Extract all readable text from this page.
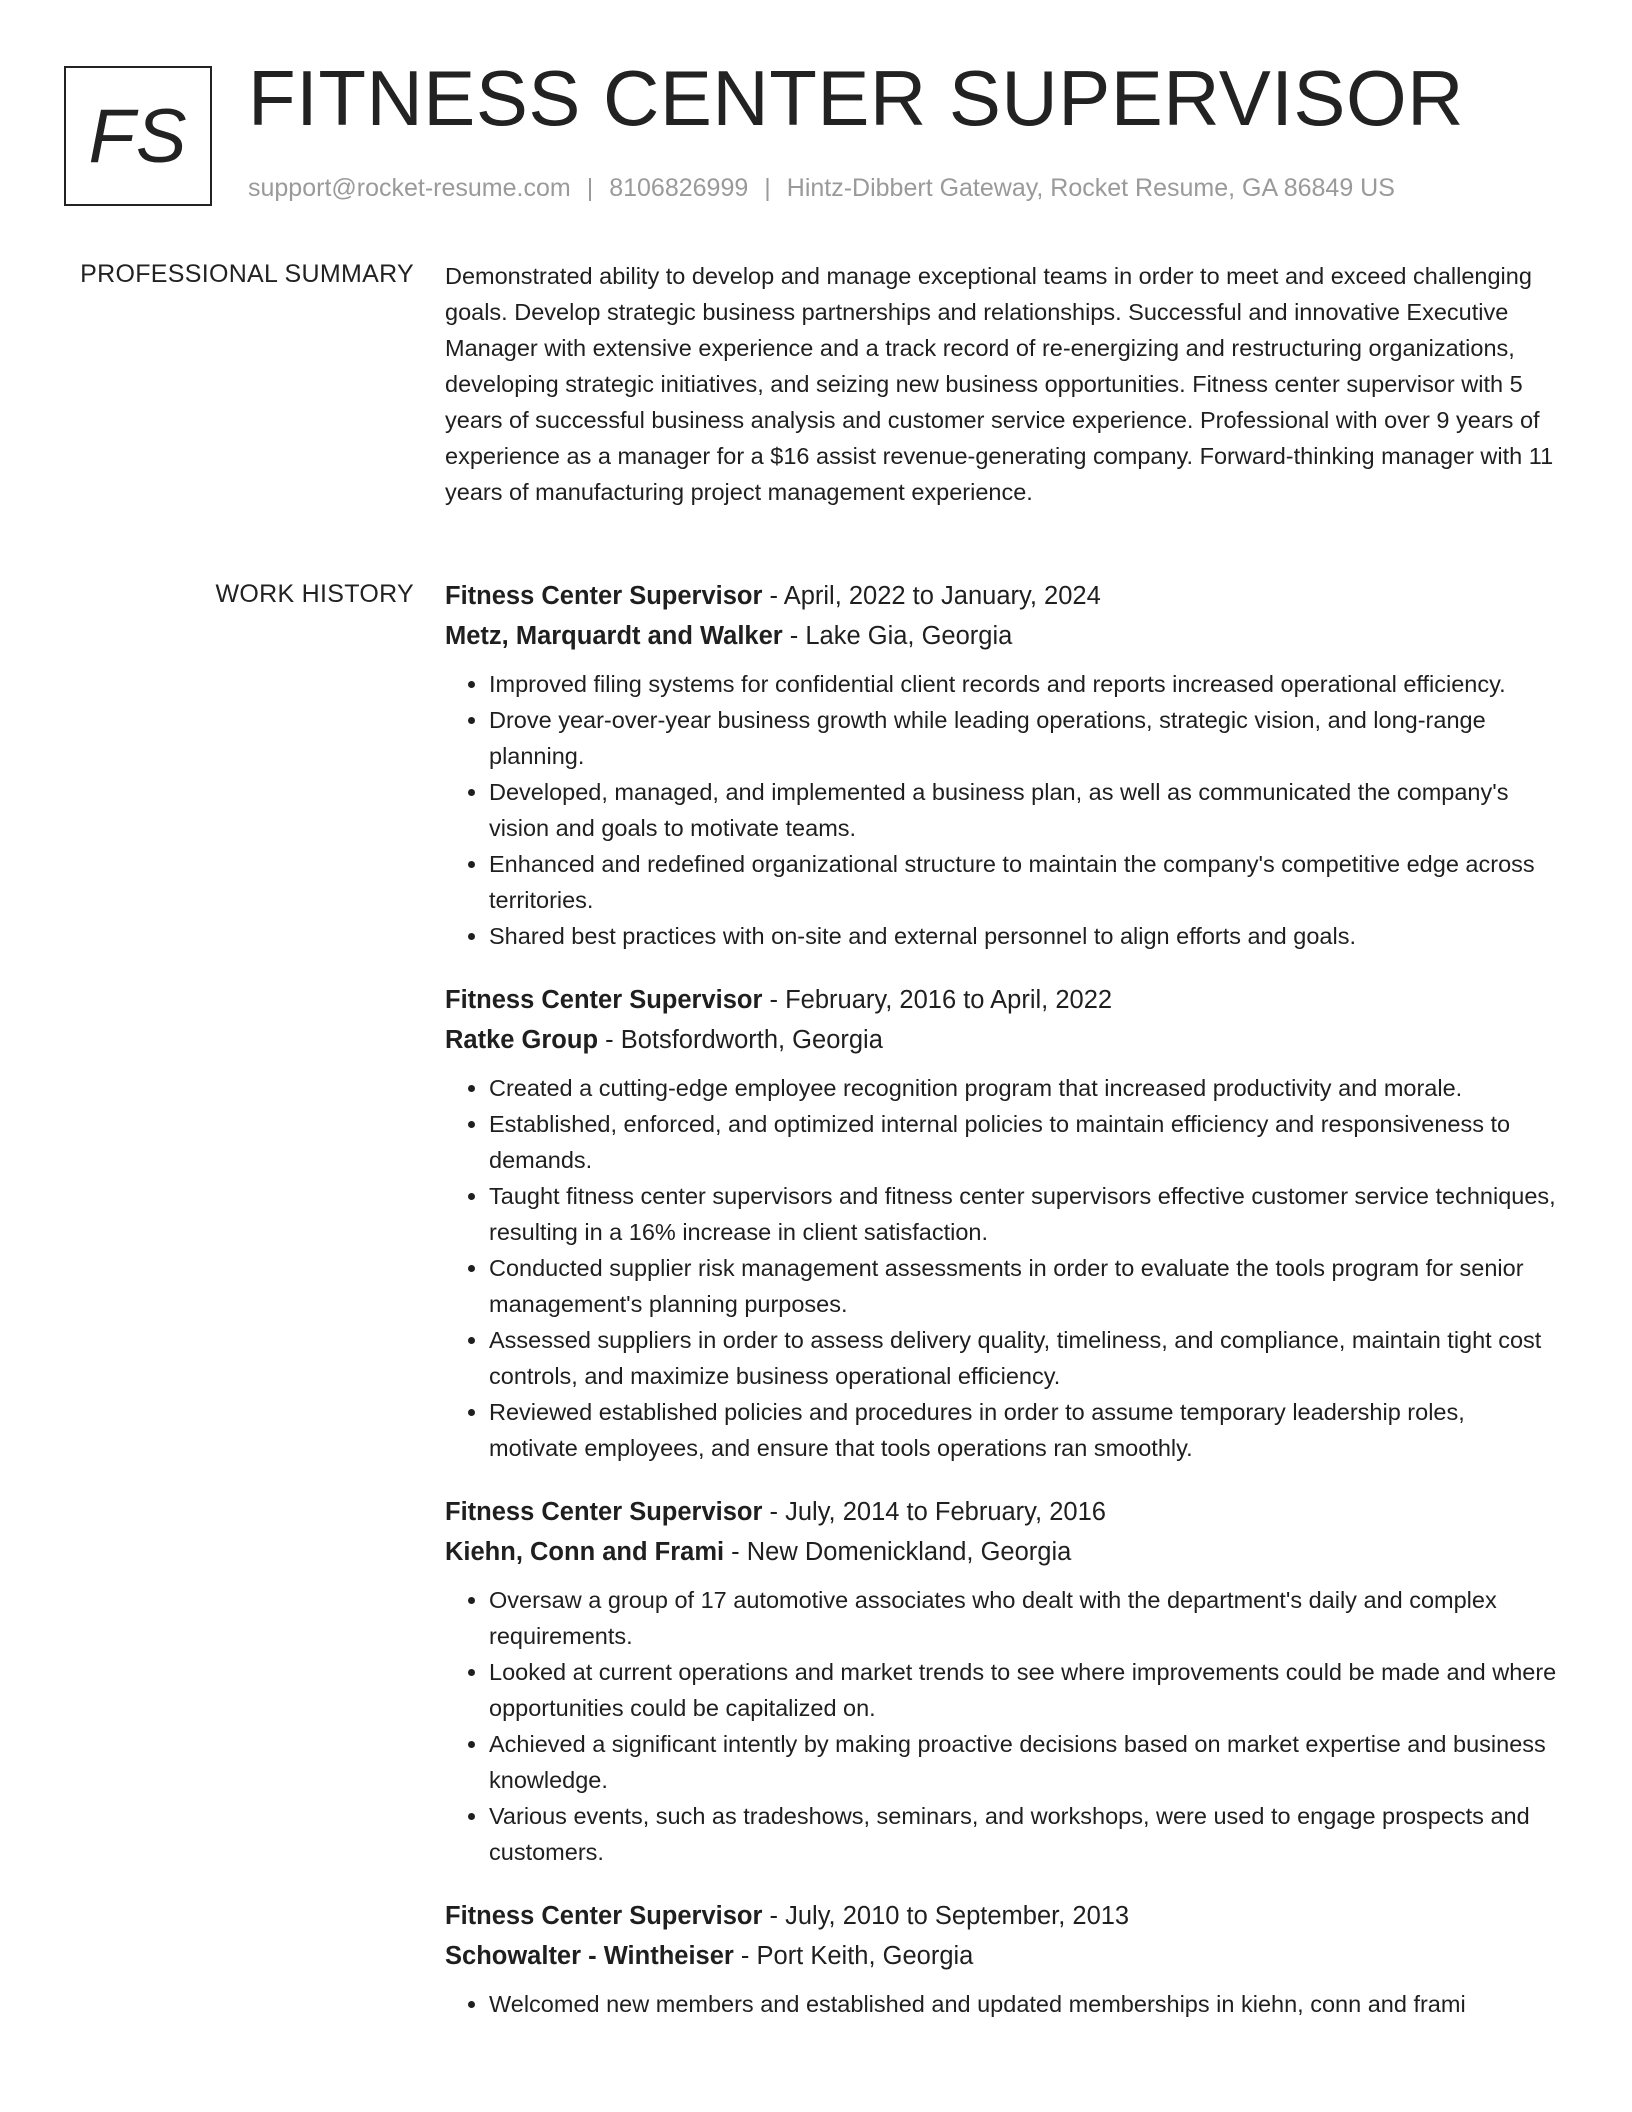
FS FITNESS CENTER SUPERVISOR
support@rocket-resume.com | 8106826999 | Hintz-Dibbert Gateway, Rocket Resume, GA 86849 US
PROFESSIONAL SUMMARY Demonstrated ability to develop and manage exceptional teams in order to meet and exceed challenging goals. Develop strategic business partnerships and relationships. Successful and innovative Executive Manager with extensive experience and a track record of re-energizing and restructuring organizations, developing strategic initiatives, and seizing new business opportunities. Fitness center supervisor with 5 years of successful business analysis and customer service experience. Professional with over 9 years of experience as a manager for a $16 assist revenue-generating company. Forward-thinking manager with 11 years of manufacturing project management experience.

WORK HISTORY Fitness Center Supervisor - April, 2022 to January, 2024
Metz, Marquardt and Walker - Lake Gia, Georgia
• Improved filing systems for confidential client records and reports increased operational efficiency.
• Drove year-over-year business growth while leading operations, strategic vision, and long-range planning.
• Developed, managed, and implemented a business plan, as well as communicated the company's vision and goals to motivate teams.
• Enhanced and redefined organizational structure to maintain the company's competitive edge across territories.
• Shared best practices with on-site and external personnel to align efforts and goals.
Fitness Center Supervisor - February, 2016 to April, 2022
Ratke Group - Botsfordworth, Georgia
• Created a cutting-edge employee recognition program that increased productivity and morale.
• Established, enforced, and optimized internal policies to maintain efficiency and responsiveness to demands.
• Taught fitness center supervisors and fitness center supervisors effective customer service techniques, resulting in a 16% increase in client satisfaction.
• Conducted supplier risk management assessments in order to evaluate the tools program for senior management's planning purposes.
• Assessed suppliers in order to assess delivery quality, timeliness, and compliance, maintain tight cost controls, and maximize business operational efficiency.
• Reviewed established policies and procedures in order to assume temporary leadership roles, motivate employees, and ensure that tools operations ran smoothly.
Fitness Center Supervisor - July, 2014 to February, 2016
Kiehn, Conn and Frami - New Domenickland, Georgia
• Oversaw a group of 17 automotive associates who dealt with the department's daily and complex requirements.
• Looked at current operations and market trends to see where improvements could be made and where opportunities could be capitalized on.
• Achieved a significant intently by making proactive decisions based on market expertise and business knowledge.
• Various events, such as tradeshows, seminars, and workshops, were used to engage prospects and customers.
Fitness Center Supervisor - July, 2010 to September, 2013
Schowalter - Wintheiser - Port Keith, Georgia
• Welcomed new members and established and updated memberships in kiehn, conn and frami
